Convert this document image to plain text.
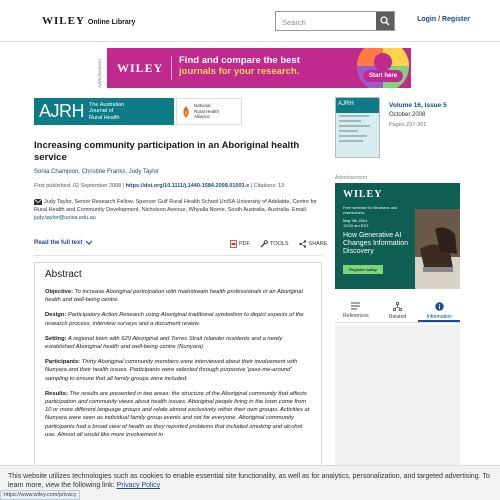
WILEY Online Library
Search	Login / Register
Advertisement WILEY
Find and compare the best
journals for your research.	Start here
AJRH The Australian
Journal of
Rural Health
National
Rural Health
Alliance
Increasing community participation in an Aboriginal health service
Sonia Champion, Christine Franks, Judy Taylor
First published: 02 September 2008 | https://doi.org/10.1111/j.1440-1584.2008.01003.x | Citations: 13
Judy Taylor, Senior Research Fellow, Spencer Gulf Rural Health School UniSA University of Adelaide, Centre for Rural Health and Community Development, Nicholson Avenue, Whyalla Norrie, South Australia, Australia. Email: judy.taylor@unisa.edu.au
Read the full text	PDF	TOOLS	SHARE
Abstract

Objective: To increase Aboriginal participation with mainstream health professionals in an Aboriginal health and well-being centre.

Design: Participatory Action Research using Aboriginal traditional symbolism to depict aspects of the research process, interview surveys and a document review.

Setting: A regional town with 629 Aboriginal and Torres Strait Islander residents and a newly established Aboriginal health and well-being centre (Nunyara).

Participants: Thirty Aboriginal community members were interviewed about their involvement with Nunyara and their health issues. Participants were selected through purposive 'pass-me-around' sampling to ensure that all family groups were included.

Results: The results are presented in two areas: the structure of the Aboriginal community that affects participation and community views about health issues. Aboriginal people living in the town come from 10 or more different language groups and relate almost exclusively within their own groups. Activities at Nunyara were seen as individual family group events and not for everyone. Aboriginal community participants had a broad view of health as they reported problems that included smoking and alcohol use. Almost all would like more involvement in

AJRH	Volume 16, Issue 5
October 2008
Pages 297-301
Advertisement
WILEY
Free webinar for librarians and researchers
May 9th 2024
12:00 am EDT
How Generative AI Changes Information Discovery
Register today
References	Related	Information
This website utilizes technologies such as cookies to enable essential site functionality, as well as for analytics, personalization, and targeted advertising. To learn more, view the following link: Privacy Policy
https://www.wiley.com/privacy
